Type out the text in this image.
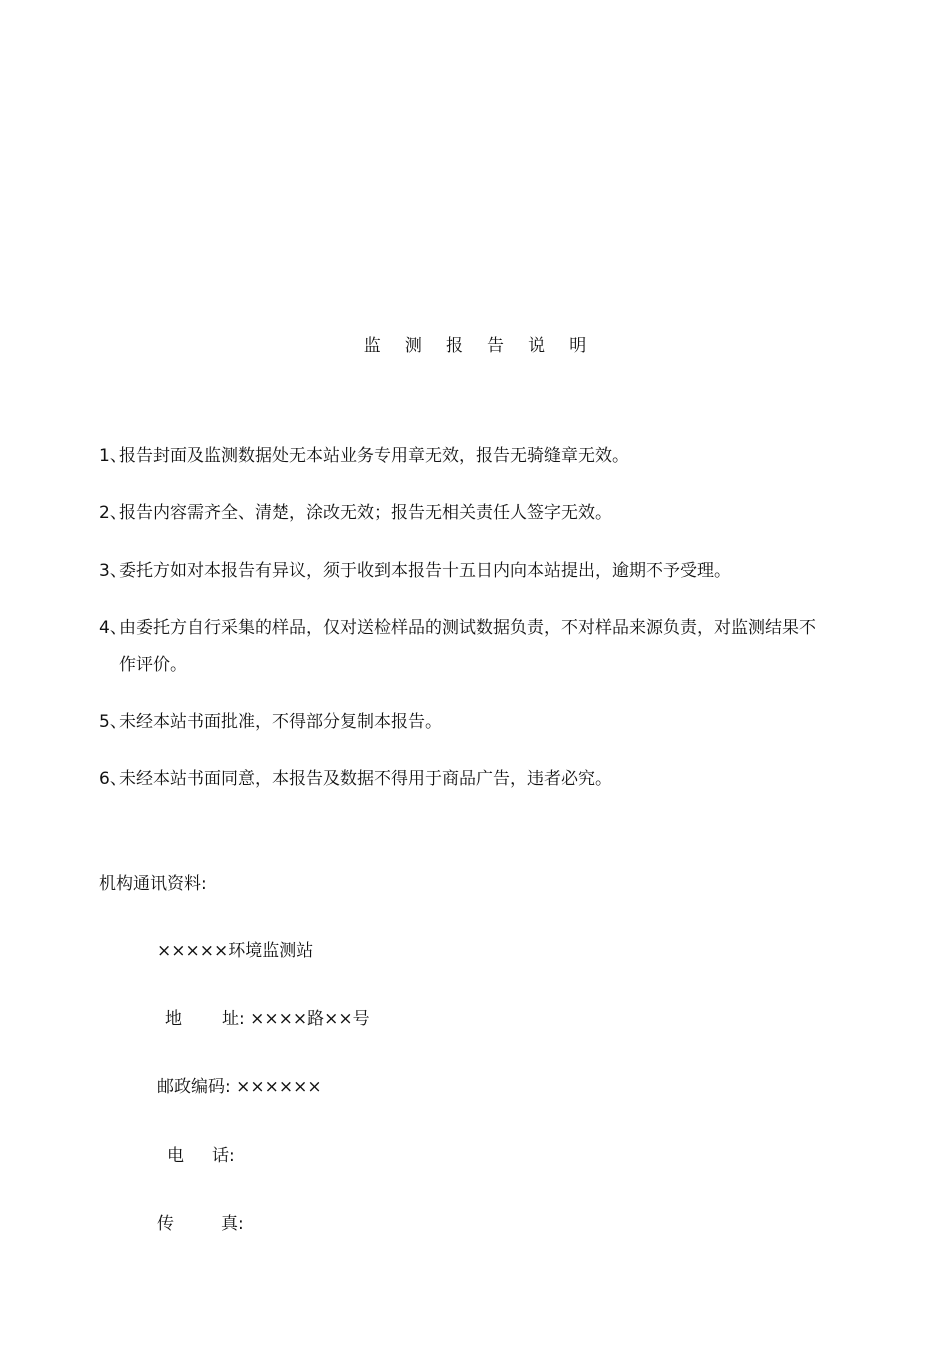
监 测 报 告 说 明
1、
报告封面及监测数据处无本站业务专用章无效，报告无骑缝章无效。
2、
报告内容需齐全、清楚，涂改无效；报告无相关责任人签字无效。
3、
委托方如对本报告有异议，须于收到本报告十五日内向本站提出，逾期不予受理。
4、
由委托方自行采集的样品，仅对送检样品的测试数据负责，不对样品来源负责，对监测结果不作评价。
5、
未经本站书面批准，不得部分复制本报告。
6、
未经本站书面同意，本报告及数据不得用于商品广告，违者必究。
机构通讯资料:
×××××环境监测站
地 址 : ××××路××号
邮政编码: ××××××
电 话 :
传	真 :
